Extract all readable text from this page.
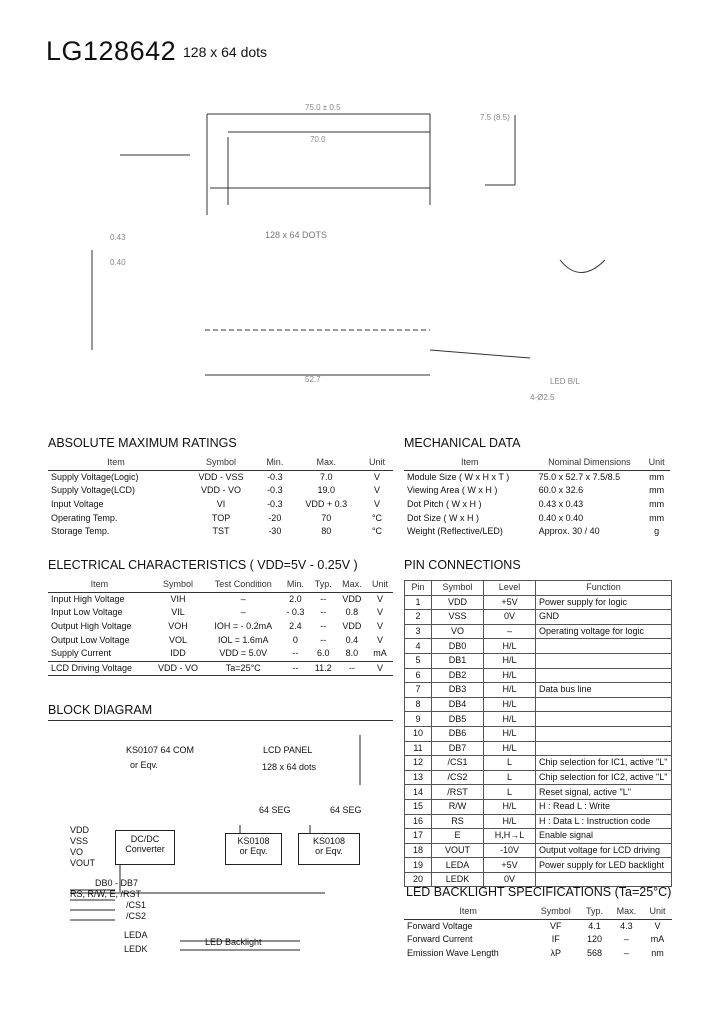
LG128642 128 x 64 dots
75.0 ± 0.5
70.0
128 x 64 DOTS
0.43
0.40
7.5 (8.5)
52.7	LED B/L
4-Ø2.5
ABSOLUTE MAXIMUM RATINGS
Item	Symbol	Min.	Max.	Unit
Supply Voltage(Logic)	VDD - VSS	-0.3	7.0	V
Supply Voltage(LCD)	VDD - VO	-0.3	19.0	V
Input Voltage	VI	-0.3	VDD + 0.3	V
Operating Temp.	TOP	-20	70	°C
Storage Temp.	TST	-30	80	°C
MECHANICAL DATA
Item	Nominal Dimensions	Unit
Module Size ( W x H x T )	75.0 x 52.7 x 7.5/8.5	mm
Viewing Area ( W x H )	60.0 x 32.6	mm
Dot Pitch ( W x H )	0.43 x 0.43	mm
Dot Size ( W x H )	0.40 x 0.40	mm
Weight (Reflective/LED)	Approx. 30 / 40	g
ELECTRICAL CHARACTERISTICS ( VDD=5V - 0.25V )
Item	Symbol	Test Condition	Min.	Typ.	Max.	Unit
Input High Voltage	VIH	–	2.0	--	VDD	V
Input Low Voltage	VIL	–	- 0.3	--	0.8	V
Output High Voltage	VOH	IOH = - 0.2mA	2.4	--	VDD	V
Output Low Voltage	VOL	IOL = 1.6mA	0	--	0.4	V
Supply Current	IDD	VDD = 5.0V	--	6.0	8.0	mA
LCD Driving Voltage	VDD - VO	Ta=25°C	--	11.2	--	V
PIN CONNECTIONS
Pin	Symbol	Level	Function
1	VDD	+5V	Power supply for logic
2	VSS	0V	GND
3	VO	–	Operating voltage for logic
4	DB0	H/L	
5	DB1	H/L	
6	DB2	H/L	
7	DB3	H/L	Data bus line
8	DB4	H/L	
9	DB5	H/L	
10	DB6	H/L	
11	DB7	H/L	
12	/CS1	L	Chip selection for IC1, active "L"
13	/CS2	L	Chip selection for IC2, active "L"
14	/RST	L	Reset signal, active "L"
15	R/W	H/L	H : Read L : Write
16	RS	H/L	H : Data L : Instruction code
17	E	H,H→L	Enable signal
18	VOUT	-10V	Output voltage for LCD driving
19	LEDA	+5V	Power supply for LED backlight
20	LEDK	0V	
BLOCK DIAGRAM
KS0107 64 COM
or Eqv.
LCD PANEL
128 x 64 dots
64 SEG	64 SEG
DC/DC
Converter
KS0108
or Eqv.
KS0108
or Eqv.
VDD
VSS
VO
VOUT
DB0 - DB7
RS, R/W, E, /RST
/CS1
/CS2
LEDA
LEDK
LED Backlight
LED BACKLIGHT SPECIFICATIONS (Ta=25°C)
Item	Symbol	Typ.	Max.	Unit
Forward Voltage	VF	4.1	4.3	V
Forward Current	IF	120	–	mA
Emission Wave Length	λP	568	–	nm
